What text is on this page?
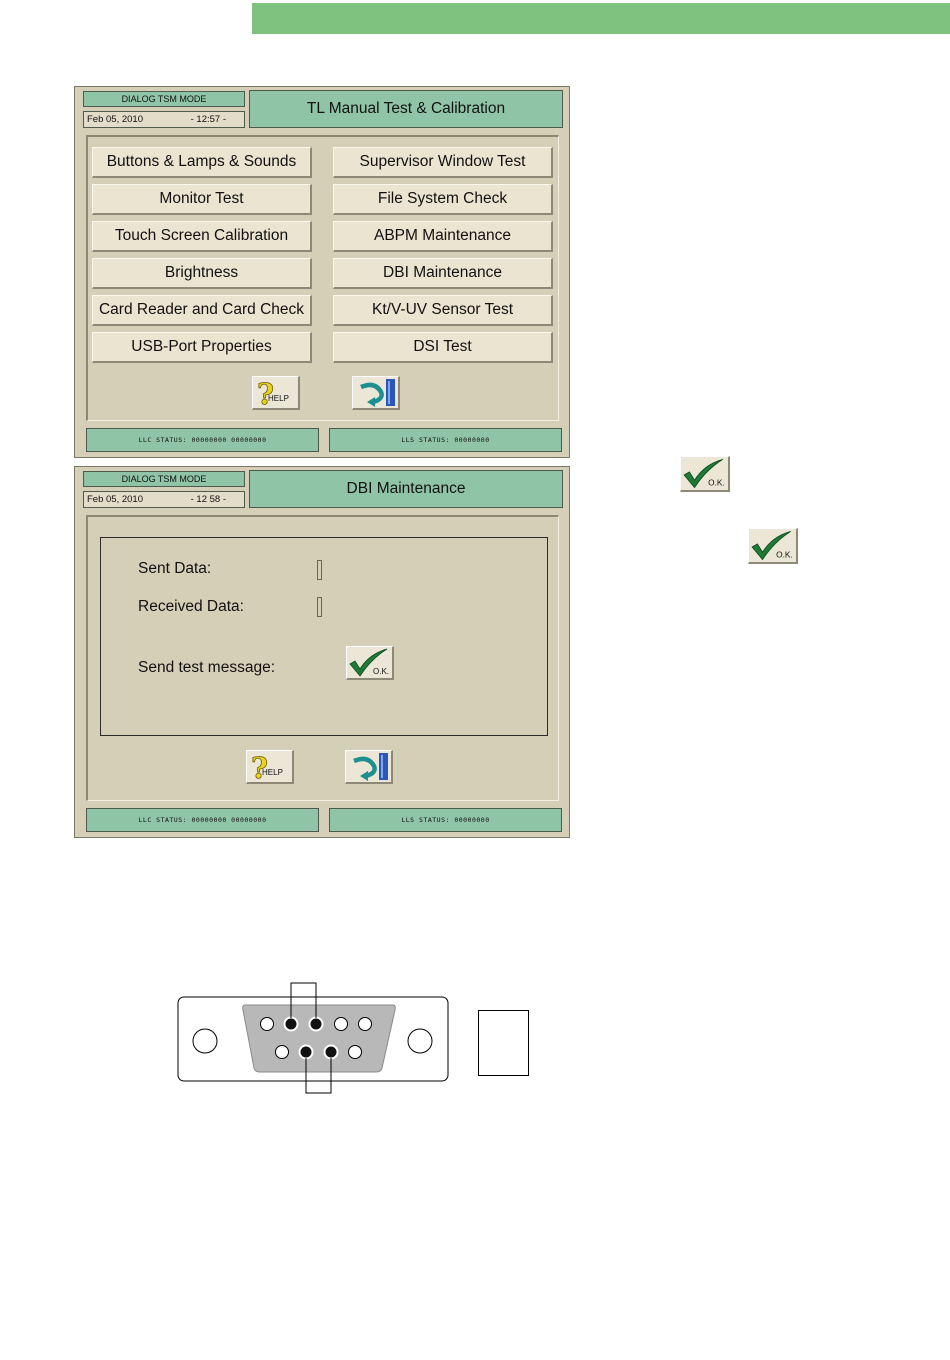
DIALOG TSM MODE
Feb 05, 2010	- 12:57 -
TL Manual Test & Calibration
Buttons & Lamps & Sounds
Monitor Test
Touch Screen Calibration
Brightness
Card Reader and Card Check
USB-Port Properties
Supervisor Window Test
File System Check
ABPM Maintenance
DBI Maintenance
Kt/V-UV Sensor Test
DSI Test
?
HELP
LLC STATUS: 00000000 00000000	LLS STATUS: 00000000
DIALOG TSM MODE
Feb 05, 2010	- 12 58 -
DBI Maintenance
Sent Data:
Received Data:
Send test message:	O.K.
?
HELP
LLC STATUS: 00000000 00000000	LLS STATUS: 00000000
O.K.
O.K.
